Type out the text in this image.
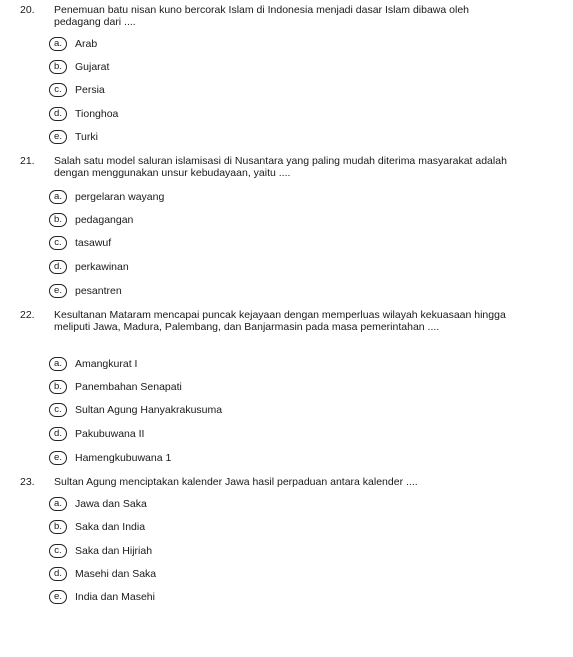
20. Penemuan batu nisan kuno bercorak Islam di Indonesia menjadi dasar Islam dibawa oleh pedagang dari ....
a.	Arab
b.	Gujarat
c.	Persia
d.	Tionghoa
e.	Turki
21. Salah satu model saluran islamisasi di Nusantara yang paling mudah diterima masyarakat adalah dengan menggunakan unsur kebudayaan, yaitu ....
a.	pergelaran wayang
b.	pedagangan
c.	tasawuf
d.	perkawinan
e.	pesantren
22. Kesultanan Mataram mencapai puncak kejayaan dengan memperluas wilayah kekuasaan hingga meliputi Jawa, Madura, Palembang, dan Banjarmasin pada masa pemerintahan ....
a.	Amangkurat I
b.	Panembahan Senapati
c.	Sultan Agung Hanyakrakusuma
d.	Pakubuwana II
e.	Hamengkubuwana 1
23. Sultan Agung menciptakan kalender Jawa hasil perpaduan antara kalender ....
a.	Jawa dan Saka
b.	Saka dan India
c.	Saka dan Hijriah
d.	Masehi dan Saka
e.	India dan Masehi
